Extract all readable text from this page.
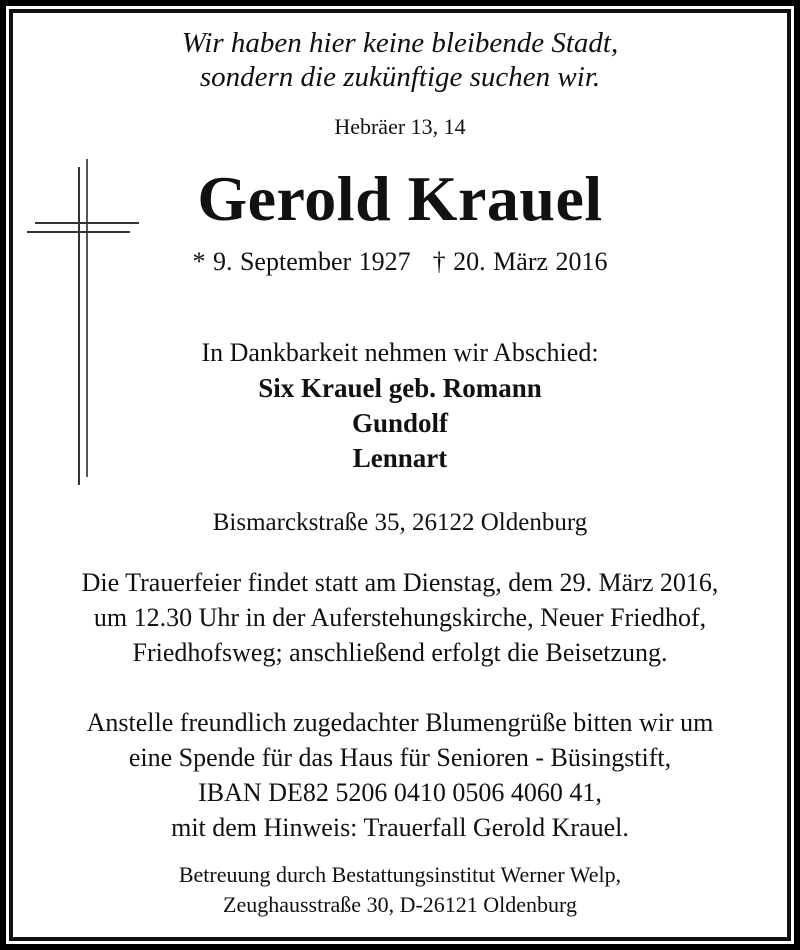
Wir haben hier keine bleibende Stadt,
sondern die zukünftige suchen wir.
Hebräer 13, 14
Gerold Krauel
* 9. September 1927 † 20. März 2016
In Dankbarkeit nehmen wir Abschied:
Six Krauel geb. Romann
Gundolf
Lennart
Bismarckstraße 35, 26122 Oldenburg
Die Trauerfeier findet statt am Dienstag, dem 29. März 2016,
um 12.30 Uhr in der Auferstehungskirche, Neuer Friedhof,
Friedhofsweg; anschließend erfolgt die Beisetzung.
Anstelle freundlich zugedachter Blumengrüße bitten wir um
eine Spende für das Haus für Senioren - Büsingstift,
IBAN DE82 5206 0410 0506 4060 41,
mit dem Hinweis: Trauerfall Gerold Krauel.
Betreuung durch Bestattungsinstitut Werner Welp,
Zeughausstraße 30, D-26121 Oldenburg
